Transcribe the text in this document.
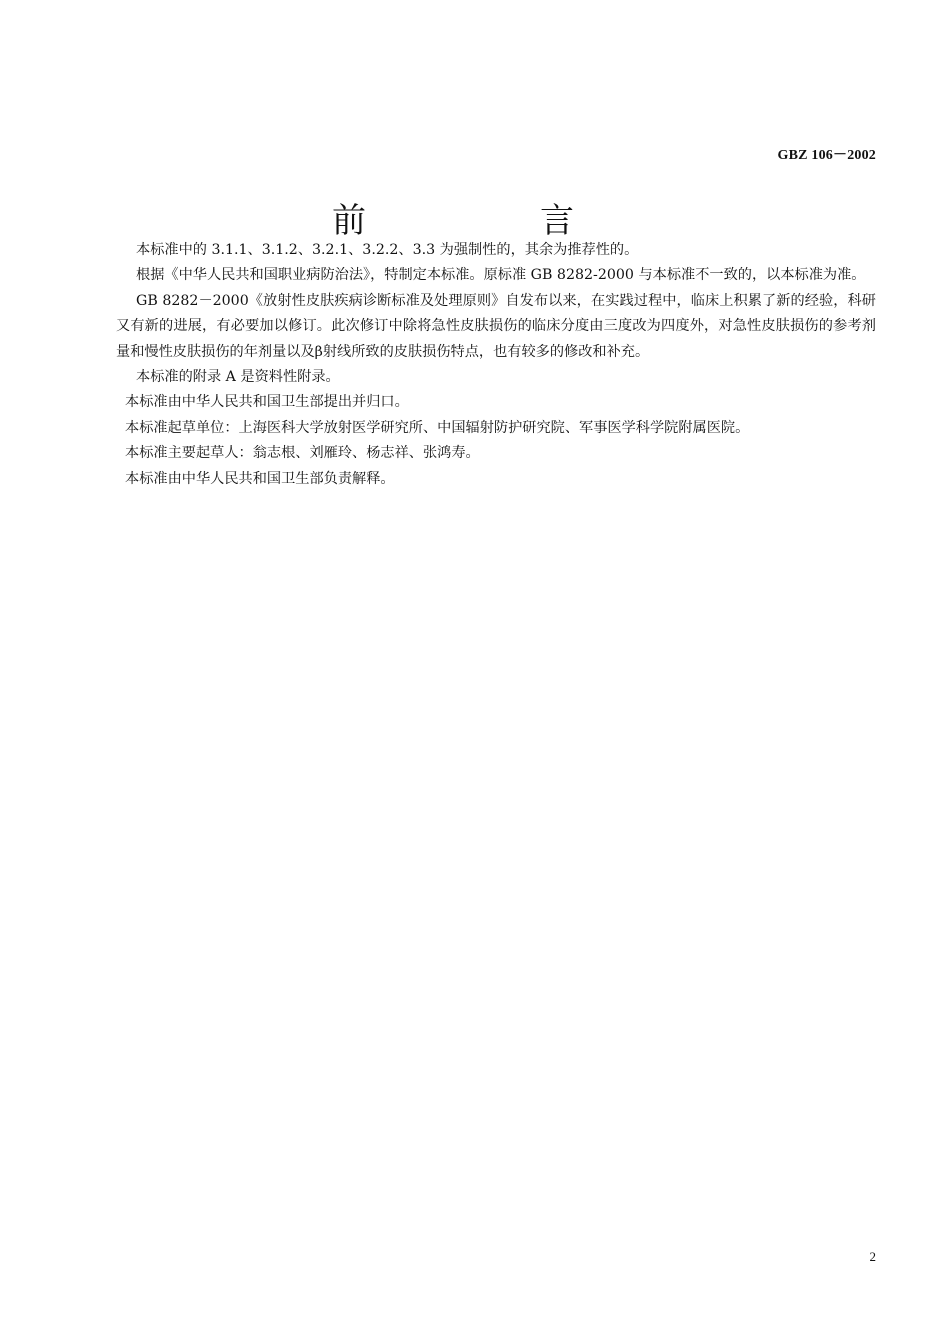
GBZ 106－2002
前　言

本标准中的 3.1.1、3.1.2、3.2.1、3.2.2、3.3 为强制性的，其余为推荐性的。

根据《中华人民共和国职业病防治法》，特制定本标准。原标准 GB 8282-2000 与本标准不一致的，以本标准为准。

GB 8282－2000《放射性皮肤疾病诊断标准及处理原则》自发布以来，在实践过程中，临床上积累了新的经验，科研又有新的进展，有必要加以修订。此次修订中除将急性皮肤损伤的临床分度由三度改为四度外，对急性皮肤损伤的参考剂量和慢性皮肤损伤的年剂量以及β射线所致的皮肤损伤特点，也有较多的修改和补充。

本标准的附录 A 是资料性附录。

本标准由中华人民共和国卫生部提出并归口。

本标准起草单位：上海医科大学放射医学研究所、中国辐射防护研究院、军事医学科学院附属医院。

本标准主要起草人：翁志根、刘雁玲、杨志祥、张鸿寿。

本标准由中华人民共和国卫生部负责解释。

2
